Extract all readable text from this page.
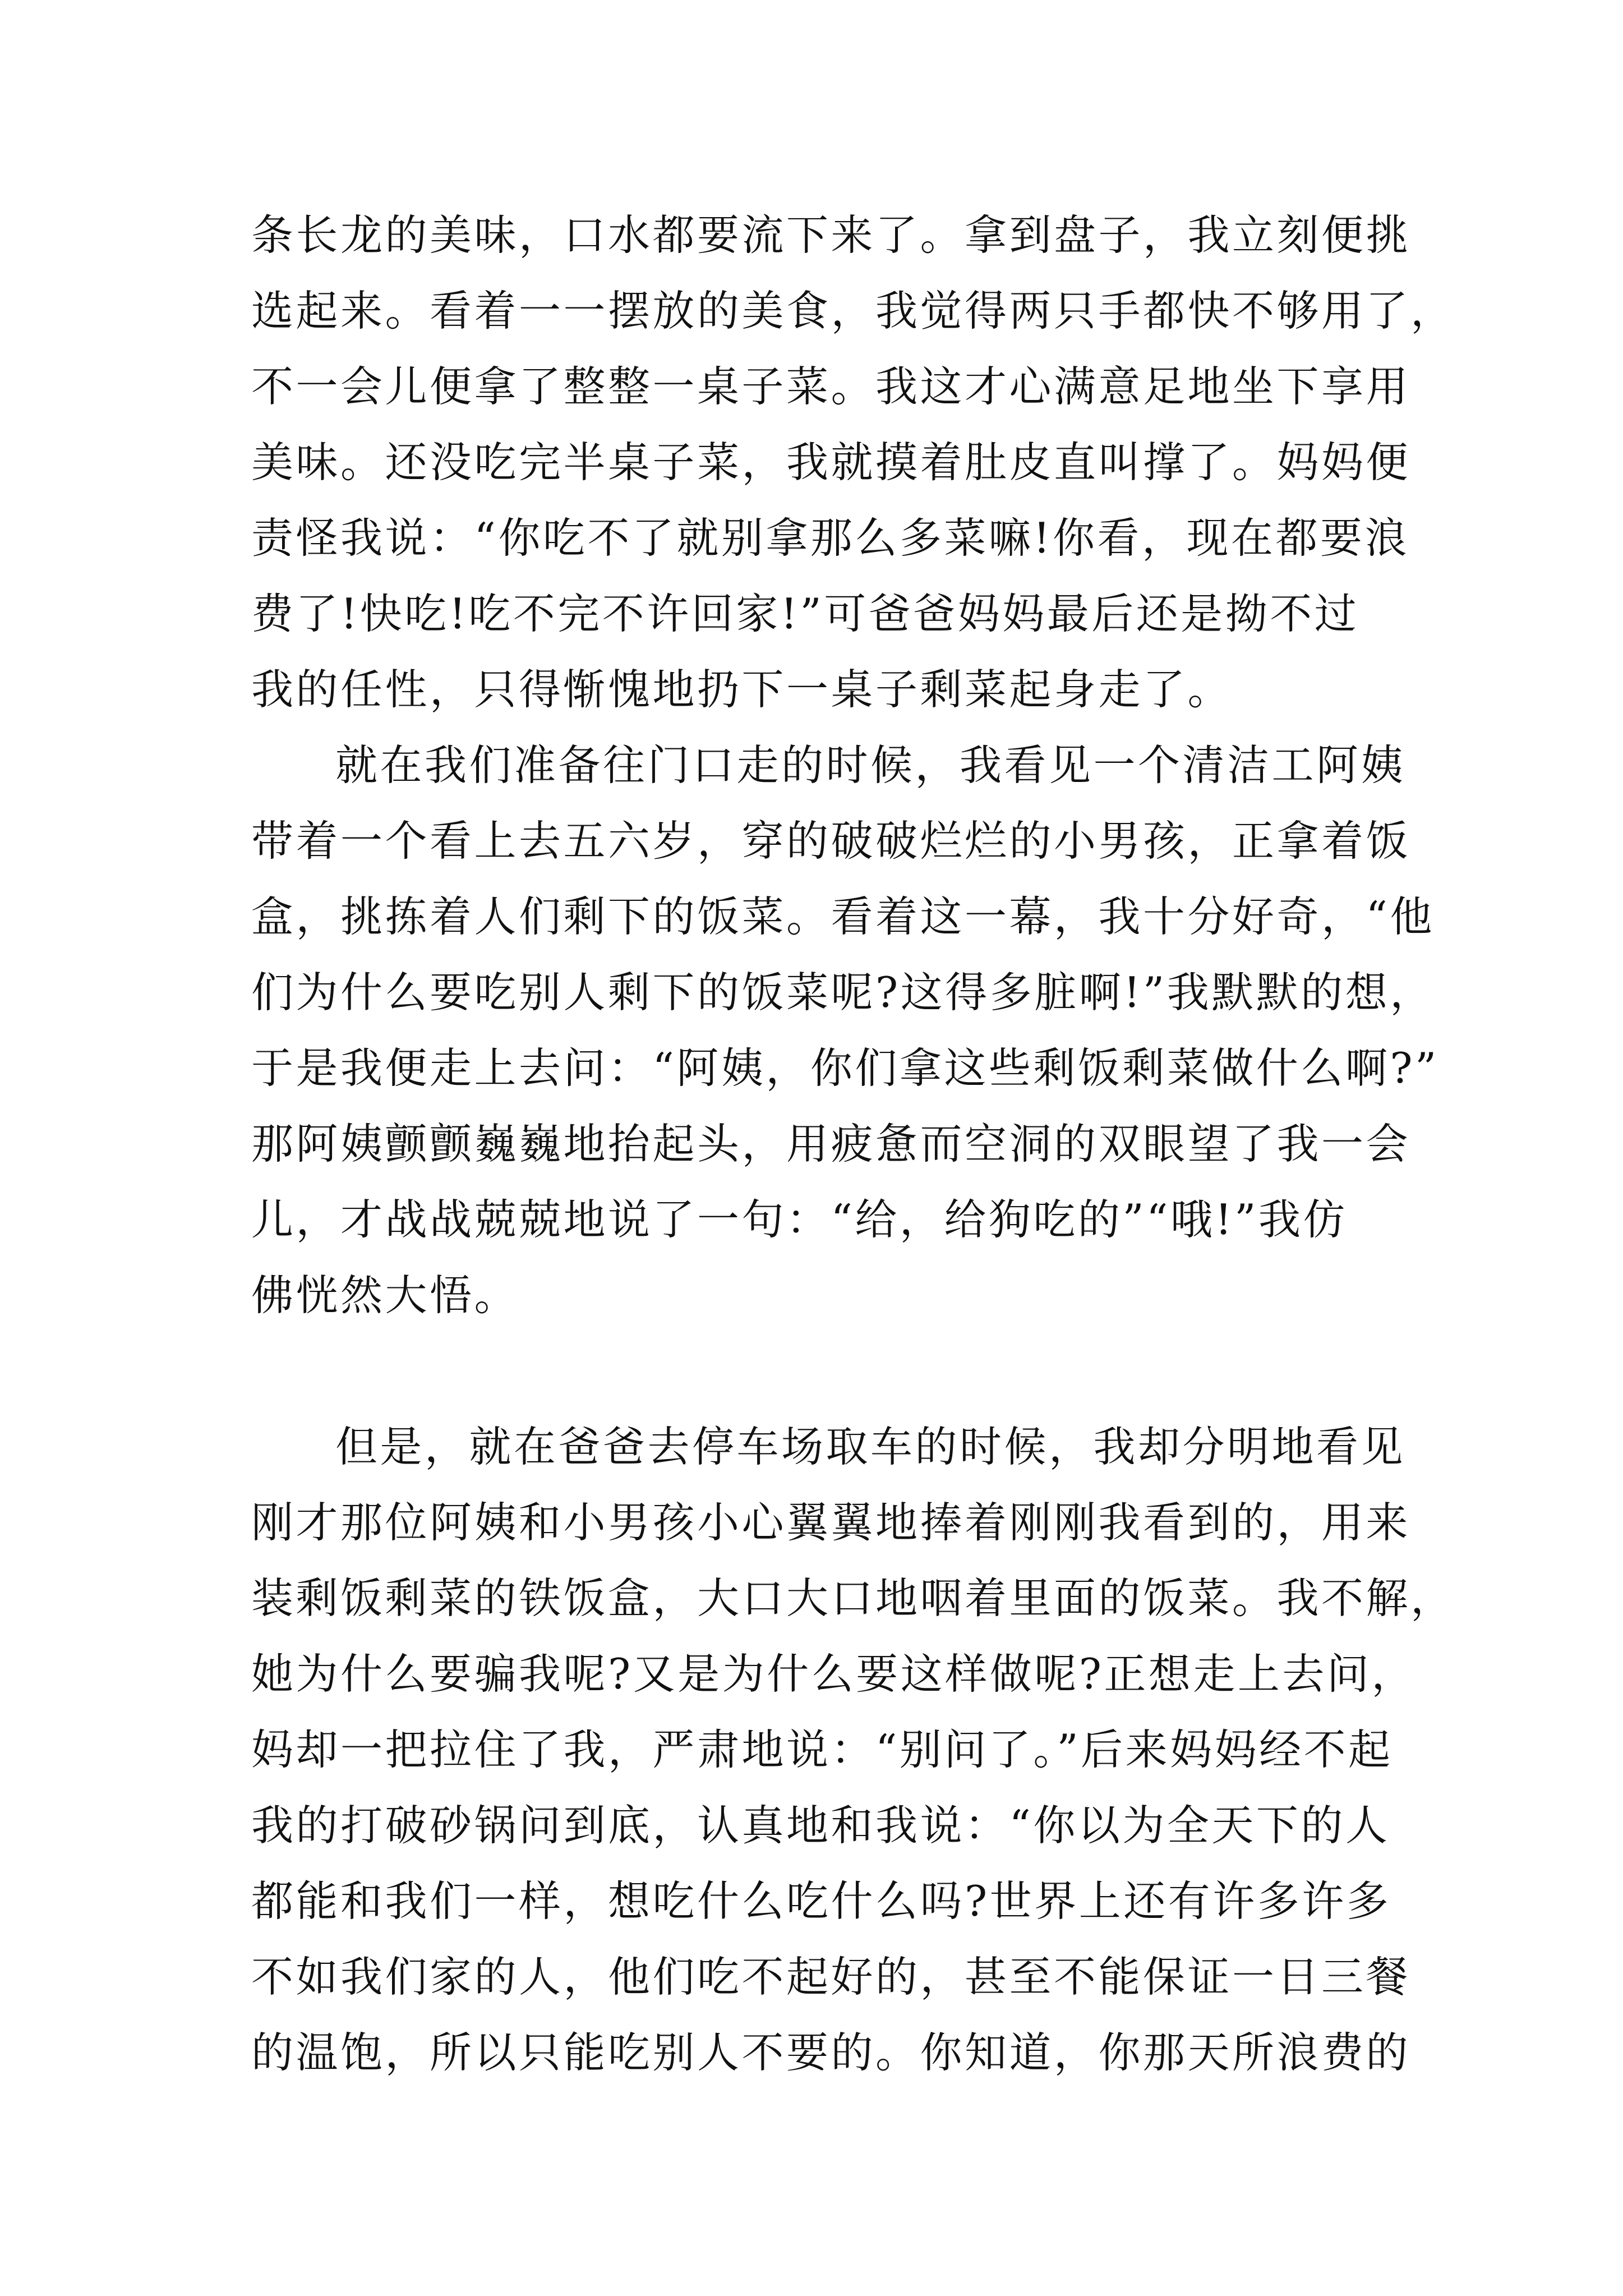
条长龙的美味，口水都要流下来了。拿到盘子，我立刻便挑
选起来。看着一一摆放的美食，我觉得两只手都快不够用了，
不一会儿便拿了整整一桌子菜。我这才心满意足地坐下享用
美味。还没吃完半桌子菜，我就摸着肚皮直叫撑了。妈妈便
责怪我说：“你吃不了就别拿那么多菜嘛!你看，现在都要浪
费了!快吃!吃不完不许回家!”可爸爸妈妈最后还是拗不过
我的任性，只得惭愧地扔下一桌子剩菜起身走了。
就在我们准备往门口走的时候，我看见一个清洁工阿姨
带着一个看上去五六岁，穿的破破烂烂的小男孩，正拿着饭
盒，挑拣着人们剩下的饭菜。看着这一幕，我十分好奇，“他
们为什么要吃别人剩下的饭菜呢?这得多脏啊!”我默默的想，
于是我便走上去问：“阿姨，你们拿这些剩饭剩菜做什么啊?”
那阿姨颤颤巍巍地抬起头，用疲惫而空洞的双眼望了我一会
儿，才战战兢兢地说了一句：“给，给狗吃的”“哦!”我仿
佛恍然大悟。
但是，就在爸爸去停车场取车的时候，我却分明地看见
刚才那位阿姨和小男孩小心翼翼地捧着刚刚我看到的，用来
装剩饭剩菜的铁饭盒，大口大口地咽着里面的饭菜。我不解，
她为什么要骗我呢?又是为什么要这样做呢?正想走上去问，
妈却一把拉住了我，严肃地说：“别问了。”后来妈妈经不起
我的打破砂锅问到底，认真地和我说：“你以为全天下的人
都能和我们一样，想吃什么吃什么吗?世界上还有许多许多
不如我们家的人，他们吃不起好的，甚至不能保证一日三餐
的温饱，所以只能吃别人不要的。你知道，你那天所浪费的
